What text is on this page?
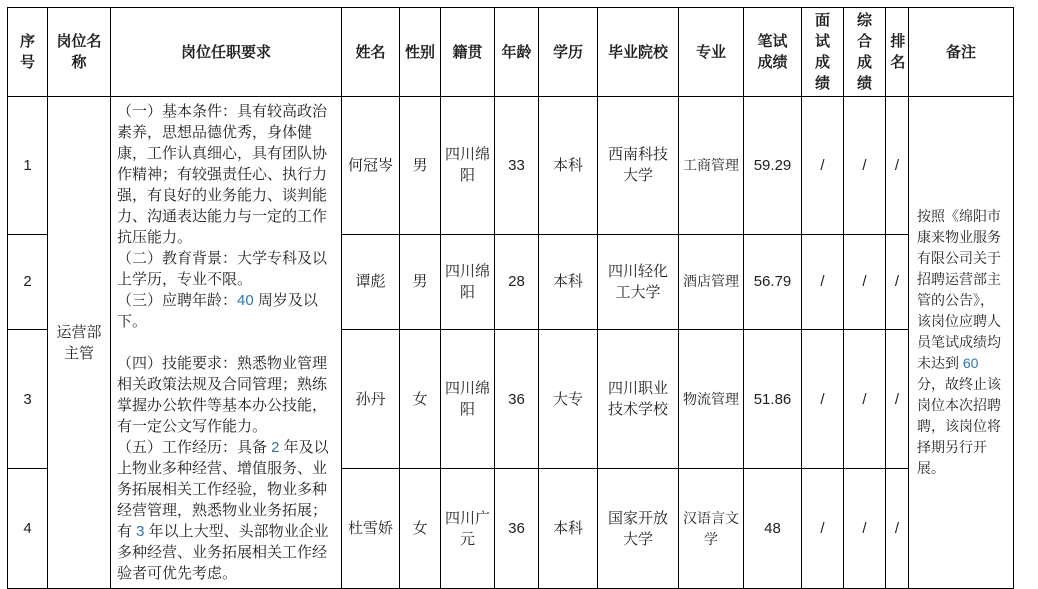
序号	岗位名称	岗位任职要求	姓名	性别	籍贯	年龄	学历	毕业院校	专业	笔试成绩	面试成绩	综合成绩	排名	备注
1	运营部主管	（一）基本条件：具有较高政治素养，思想品德优秀，身体健康，工作认真细心，具有团队协作精神；有较强责任心、执行力强，有良好的业务能力、谈判能力、沟通表达能力与一定的工作抗压能力。

（二）教育背景：大学专科及以上学历，专业不限。

（三）应聘年龄：40 周岁及以下。

（四）技能要求：熟悉物业管理相关政策法规及合同管理；熟练掌握办公软件等基本办公技能，有一定公文写作能力。

（五）工作经历：具备 2 年及以上物业多种经营、增值服务、业务拓展相关工作经验，物业多种经营管理，熟悉物业业务拓展；有 3 年以上大型、头部物业企业多种经营、业务拓展相关工作经验者可优先考虑。	何冠岑	男	四川绵阳	33	本科	西南科技大学	工商管理	59.29	/	/	/	按照《绵阳市康来物业服务有限公司关于招聘运营部主管的公告》，该岗位应聘人员笔试成绩均未达到 60 分，故终止该岗位本次招聘聘，该岗位将择期另行开展。

2			谭彪	男	四川绵阳	28	本科	四川轻化工大学	酒店管理	56.79	/	/	/	
3			孙丹	女	四川绵阳	36	大专	四川职业技术学校	物流管理	51.86	/	/	/	
4			杜雪娇	女	四川广元	36	本科	国家开放大学	汉语言文学	48	/	/	/	
